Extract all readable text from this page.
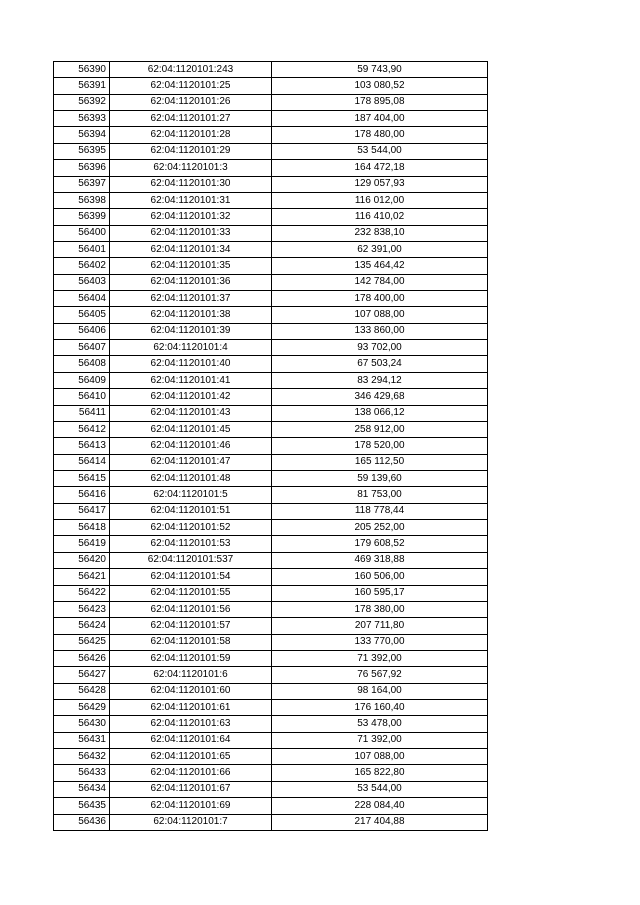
56390	62:04:1120101:243	59 743,90
56391	62:04:1120101:25	103 080,52
56392	62:04:1120101:26	178 895,08
56393	62:04:1120101:27	187 404,00
56394	62:04:1120101:28	178 480,00
56395	62:04:1120101:29	53 544,00
56396	62:04:1120101:3	164 472,18
56397	62:04:1120101:30	129 057,93
56398	62:04:1120101:31	116 012,00
56399	62:04:1120101:32	116 410,02
56400	62:04:1120101:33	232 838,10
56401	62:04:1120101:34	62 391,00
56402	62:04:1120101:35	135 464,42
56403	62:04:1120101:36	142 784,00
56404	62:04:1120101:37	178 400,00
56405	62:04:1120101:38	107 088,00
56406	62:04:1120101:39	133 860,00
56407	62:04:1120101:4	93 702,00
56408	62:04:1120101:40	67 503,24
56409	62:04:1120101:41	83 294,12
56410	62:04:1120101:42	346 429,68
56411	62:04:1120101:43	138 066,12
56412	62:04:1120101:45	258 912,00
56413	62:04:1120101:46	178 520,00
56414	62:04:1120101:47	165 112,50
56415	62:04:1120101:48	59 139,60
56416	62:04:1120101:5	81 753,00
56417	62:04:1120101:51	118 778,44
56418	62:04:1120101:52	205 252,00
56419	62:04:1120101:53	179 608,52
56420	62:04:1120101:537	469 318,88
56421	62:04:1120101:54	160 506,00
56422	62:04:1120101:55	160 595,17
56423	62:04:1120101:56	178 380,00
56424	62:04:1120101:57	207 711,80
56425	62:04:1120101:58	133 770,00
56426	62:04:1120101:59	71 392,00
56427	62:04:1120101:6	76 567,92
56428	62:04:1120101:60	98 164,00
56429	62:04:1120101:61	176 160,40
56430	62:04:1120101:63	53 478,00
56431	62:04:1120101:64	71 392,00
56432	62:04:1120101:65	107 088,00
56433	62:04:1120101:66	165 822,80
56434	62:04:1120101:67	53 544,00
56435	62:04:1120101:69	228 084,40
56436	62:04:1120101:7	217 404,88
